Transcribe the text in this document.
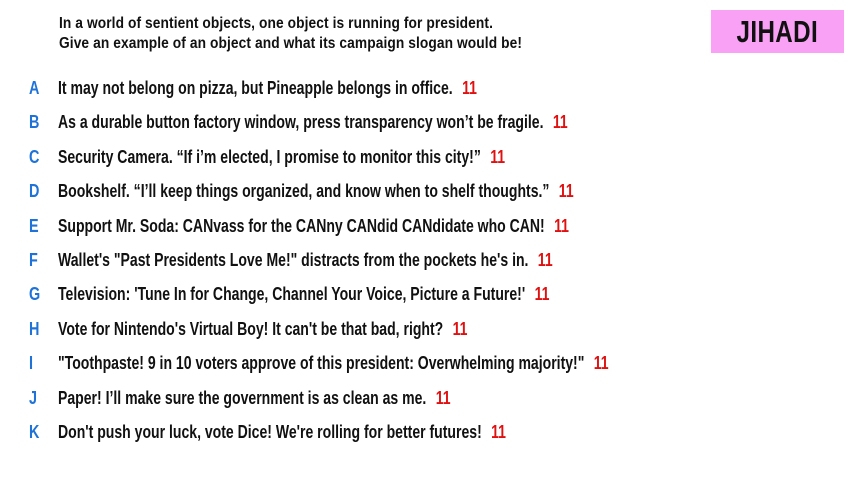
In a world of sentient objects, one object is running for president.
Give an example of an object and what its campaign slogan would be!	JIHADI
A	It may not belong on pizza, but Pineapple belongs in office. 11
B	As a durable button factory window, press transparency won’t be fragile. 11
C	Security Camera. “If i’m elected, I promise to monitor this city!” 11
D	Bookshelf. “I’ll keep things organized, and know when to shelf thoughts.” 11
E	Support Mr. Soda: CANvass for the CANny CANdid CANdidate who CAN! 11
F	Wallet's "Past Presidents Love Me!" distracts from the pockets he's in. 11
G Television: 'Tune In for Change, Channel Your Voice, Picture a Future!' 11
H	Vote for Nintendo's Virtual Boy! It can't be that bad, right? 11
I	"Toothpaste! 9 in 10 voters approve of this president: Overwhelming majority!" 11
J	Paper! I’ll make sure the government is as clean as me. 11
K	Don't push your luck, vote Dice! We're rolling for better futures! 11
